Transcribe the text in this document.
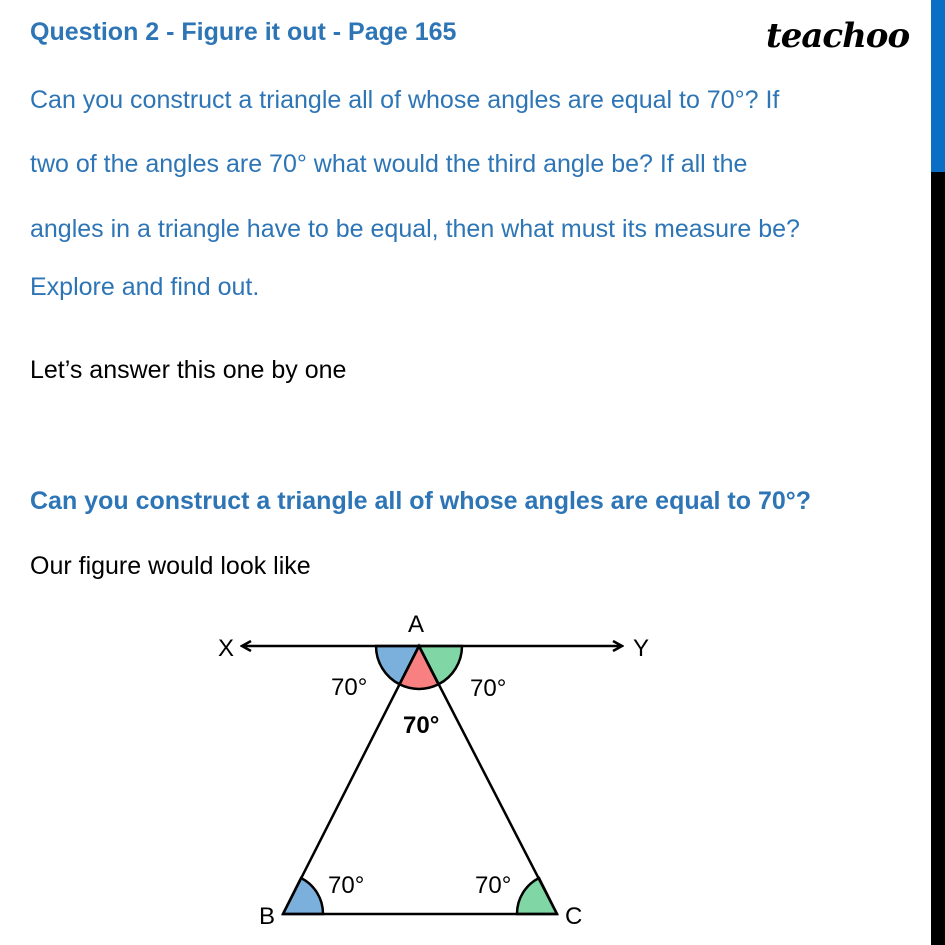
Question 2 - Figure it out - Page 165	teachoo
Can you construct a triangle all of whose angles are equal to 70°? If
two of the angles are 70° what would the third angle be? If all the
angles in a triangle have to be equal, then what must its measure be?
Explore and find out.
Let’s answer this one by one
Can you construct a triangle all of whose angles are equal to 70°?
Our figure would look like
A
X	Y
B	C
70°	70°
70°
70°	70°
